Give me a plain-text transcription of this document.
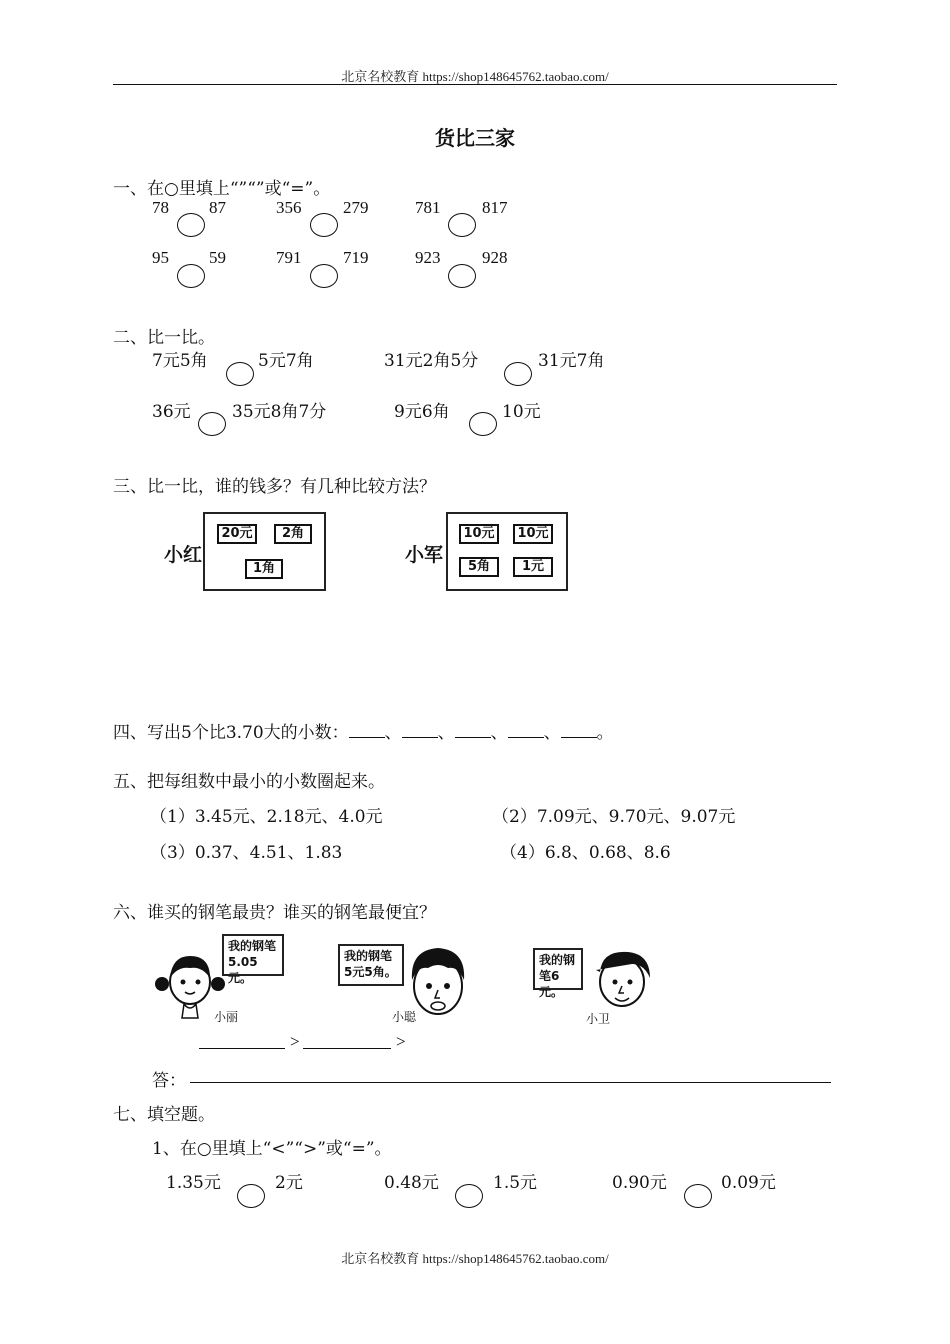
北京名校教育 https://shop148645762.taobao.com/
货比三家
一、在○里填上“”“”或“=”。
78 87	356 279	781 817
95 59	791 719	923 928
二、比一比。
7元5角	5元7角	31元2角5分	31元7角
36元 35元8角7分	9元6角	10元
三、比一比，谁的钱多？有几种比较方法？
小红
20元	2角
1角
小军
10元	10元
5角	1元
四、写出5个比3.70大的小数： 、 、 、 、 。
五、把每组数中最小的小数圈起来。
（1）3.45元、2.18元、4.0元	（2）7.09元、9.70元、9.07元
（3）0.37、4.51、1.83	（4）6.8、0.68、8.6
六、谁买的钢笔最贵？谁买的钢笔最便宜？
小丽
我的钢笔
5.05元。
我的钢笔
5元5角。
小聪
我的钢
笔6元。
小卫
>	>
答：
七、填空题。
1、在○里填上“<”“>”或“=”。
1.35元	2元	0.48元	1.5元	0.90元	0.09元
北京名校教育 https://shop148645762.taobao.com/
